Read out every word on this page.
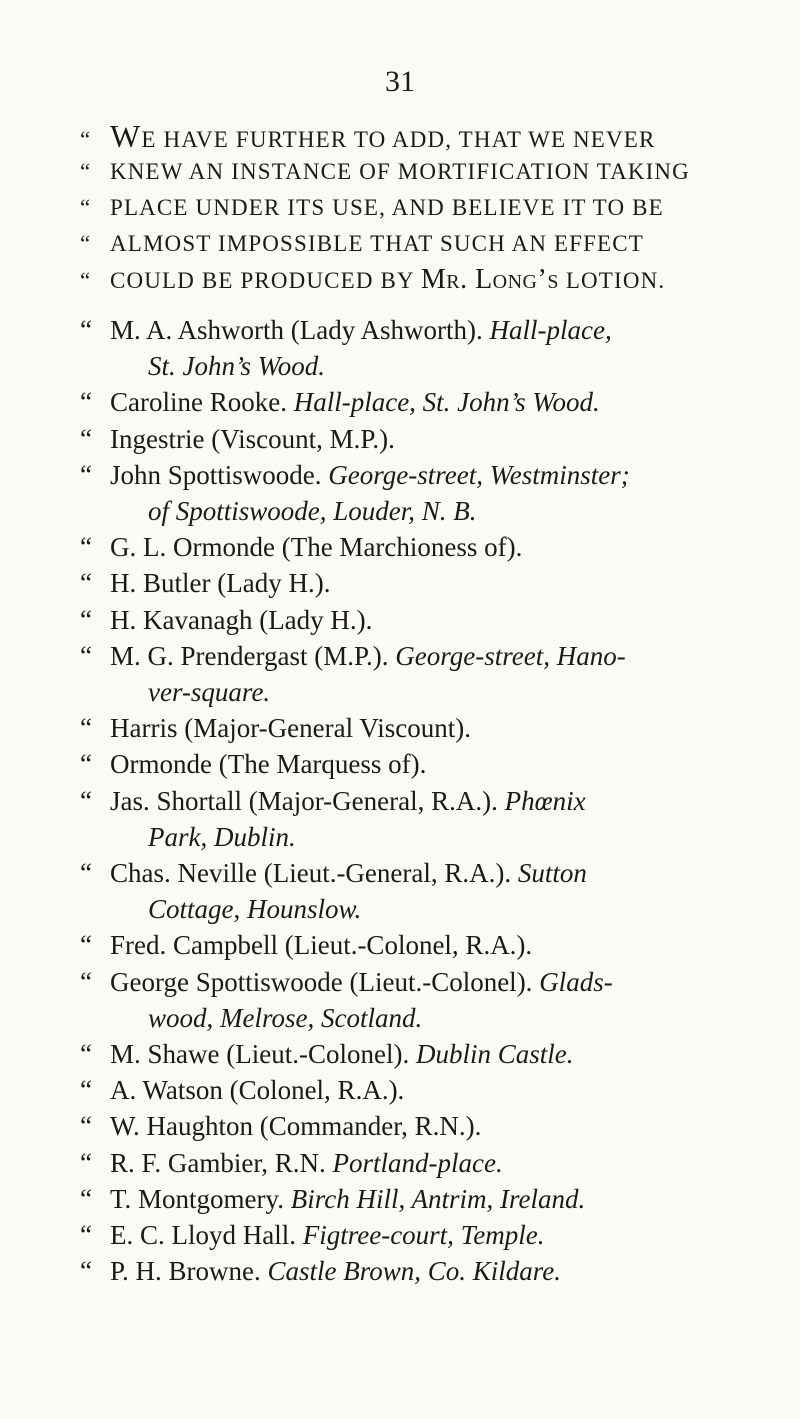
31
“ WE HAVE FURTHER TO ADD, THAT WE NEVER
“ KNEW AN INSTANCE OF MORTIFICATION TAKING
“ PLACE UNDER ITS USE, AND BELIEVE IT TO BE
“ ALMOST IMPOSSIBLE THAT SUCH AN EFFECT
“ COULD BE PRODUCED BY Mr. Long’s LOTION.
“ M. A. Ashworth (Lady Ashworth). Hall-place,
St. John’s Wood.
“ Caroline Rooke. Hall-place, St. John’s Wood.
“ Ingestrie (Viscount, M.P.).
“ John Spottiswoode. George-street, Westminster;
of Spottiswoode, Louder, N. B.
“ G. L. Ormonde (The Marchioness of).
“ H. Butler (Lady H.).
“ H. Kavanagh (Lady H.).
“ M. G. Prendergast (M.P.). George-street, Hano-
ver-square.
“ Harris (Major-General Viscount).
“ Ormonde (The Marquess of).
“ Jas. Shortall (Major-General, R.A.). Phœnix
Park, Dublin.
“ Chas. Neville (Lieut.-General, R.A.). Sutton
Cottage, Hounslow.
“ Fred. Campbell (Lieut.-Colonel, R.A.).
“ George Spottiswoode (Lieut.-Colonel). Glads-
wood, Melrose, Scotland.
“ M. Shawe (Lieut.-Colonel). Dublin Castle.
“ A. Watson (Colonel, R.A.).
“ W. Haughton (Commander, R.N.).
“ R. F. Gambier, R.N. Portland-place.
“ T. Montgomery. Birch Hill, Antrim, Ireland.
“ E. C. Lloyd Hall. Figtree-court, Temple.
“ P. H. Browne. Castle Brown, Co. Kildare.
